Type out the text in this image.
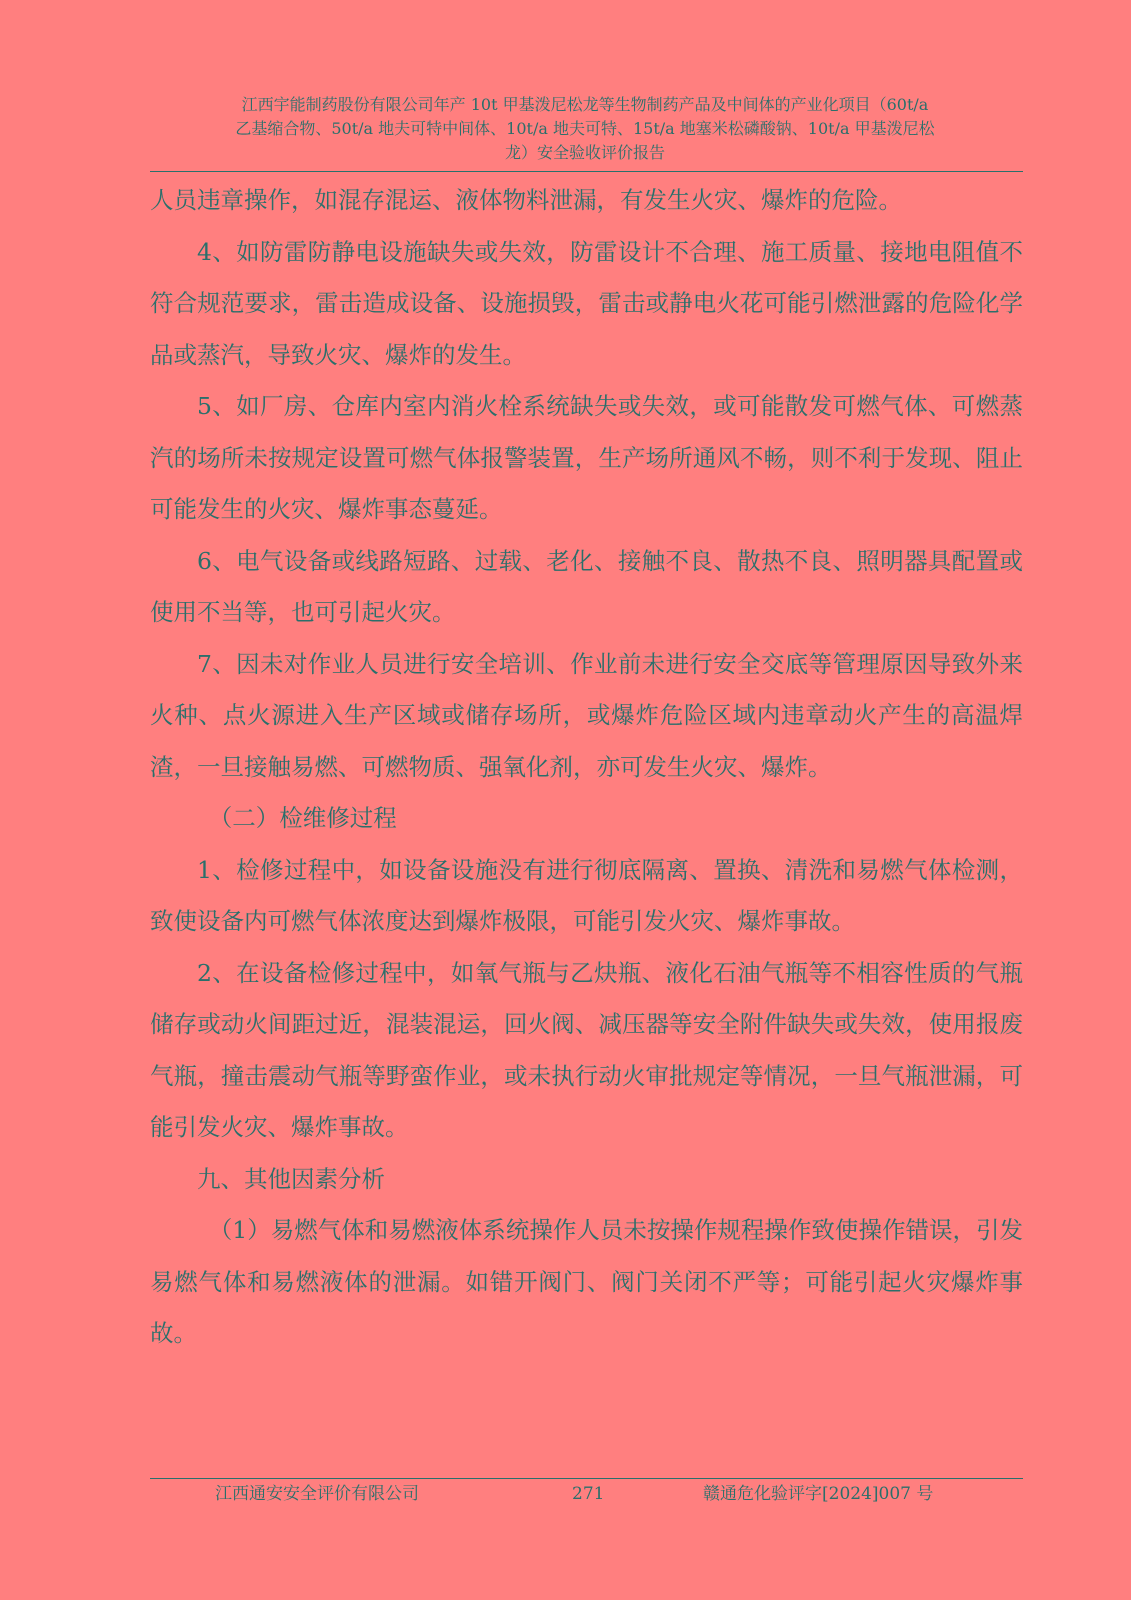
江西宇能制药股份有限公司年产 10t 甲基泼尼松龙等生物制药产品及中间体的产业化项目（60t/a
乙基缩合物、50t/a 地夫可特中间体、10t/a 地夫可特、15t/a 地塞米松磷酸钠、10t/a 甲基泼尼松
龙）安全验收评价报告

人员违章操作，如混存混运、液体物料泄漏，有发生火灾、爆炸的危险。

4、如防雷防静电设施缺失或失效，防雷设计不合理、施工质量、接地电阻值不符合规范要求，雷击造成设备、设施损毁，雷击或静电火花可能引燃泄露的危险化学品或蒸汽，导致火灾、爆炸的发生。

5、如厂房、仓库内室内消火栓系统缺失或失效，或可能散发可燃气体、可燃蒸汽的场所未按规定设置可燃气体报警装置，生产场所通风不畅，则不利于发现、阻止可能发生的火灾、爆炸事态蔓延。

6、电气设备或线路短路、过载、老化、接触不良、散热不良、照明器具配置或使用不当等，也可引起火灾。

7、因未对作业人员进行安全培训、作业前未进行安全交底等管理原因导致外来火种、点火源进入生产区域或储存场所，或爆炸危险区域内违章动火产生的高温焊渣，一旦接触易燃、可燃物质、强氧化剂，亦可发生火灾、爆炸。

（二）检维修过程

1、检修过程中，如设备设施没有进行彻底隔离、置换、清洗和易燃气体检测，致使设备内可燃气体浓度达到爆炸极限，可能引发火灾、爆炸事故。

2、在设备检修过程中，如氧气瓶与乙炔瓶、液化石油气瓶等不相容性质的气瓶储存或动火间距过近，混装混运，回火阀、减压器等安全附件缺失或失效，使用报废气瓶，撞击震动气瓶等野蛮作业，或未执行动火审批规定等情况，一旦气瓶泄漏，可能引发火灾、爆炸事故。

九、其他因素分析

（1）易燃气体和易燃液体系统操作人员未按操作规程操作致使操作错误，引发易燃气体和易燃液体的泄漏。如错开阀门、阀门关闭不严等；可能引起火灾爆炸事故。

江西通安安全评价有限公司	271	赣通危化验评字[2024]007 号
